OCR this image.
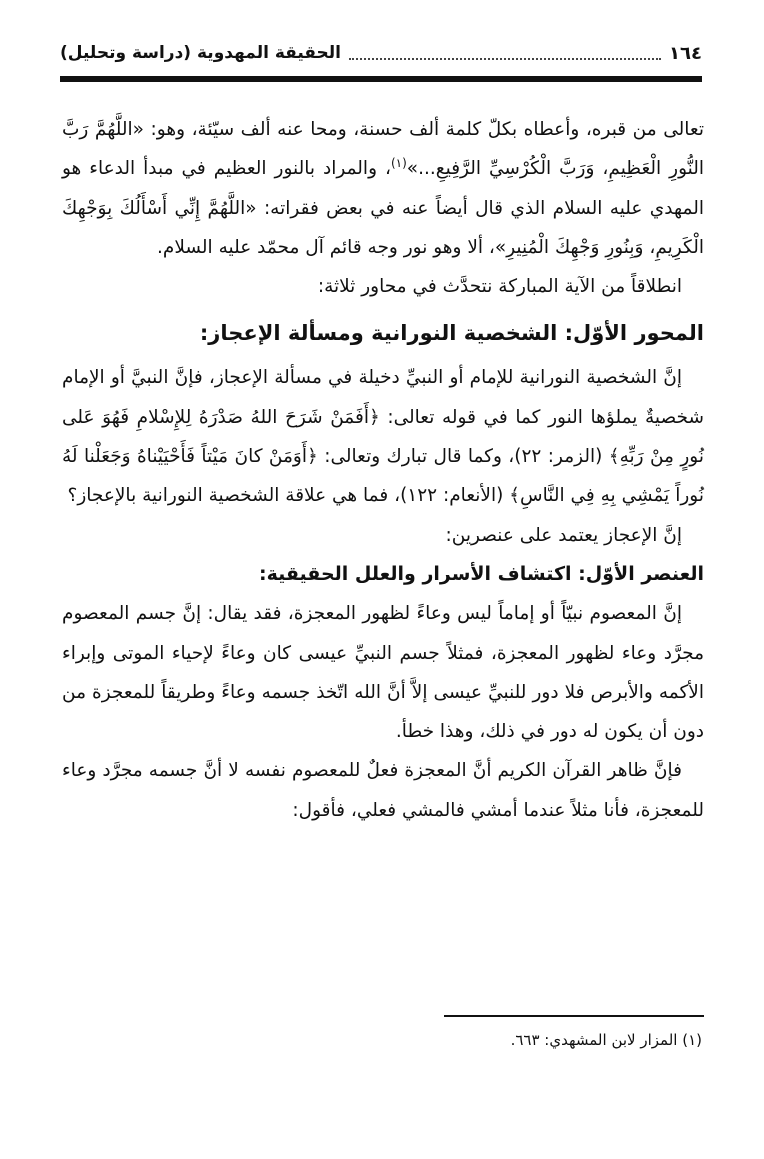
١٦٤
الحقيقة المهدوية (دراسة وتحليل)

تعالى من قبره، وأعطاه بكلّ كلمة ألف حسنة، ومحا عنه ألف سيّئة، وهو: «اللَّهُمَّ رَبَّ النُّورِ الْعَظِيمِ، وَرَبَّ الْكُرْسِيِّ الرَّفِيعِ...»$^{(١)}$، والمراد بالنور العظيم في مبدأ الدعاء هو المهدي عليه السلام الذي قال أيضاً عنه في بعض فقراته: «اللَّهُمَّ إِنِّي أَسْأَلُكَ بِوَجْهِكَ الْكَرِيمِ، وَبِنُورِ وَجْهِكَ الْمُنِيرِ»، ألا وهو نور وجه قائم آل محمّد عليه السلام.

انطلاقاً من الآية المباركة نتحدَّث في محاور ثلاثة:

المحور الأوّل: الشخصية النورانية ومسألة الإعجاز:

إنَّ الشخصية النورانية للإمام أو النبيِّ دخيلة في مسألة الإعجاز، فإنَّ النبيَّ أو الإمام شخصيةٌ يملؤها النور كما في قوله تعالى: ﴿أَفَمَنْ شَرَحَ اللهُ صَدْرَهُ لِلإِسْلامِ فَهُوَ عَلى نُورٍ مِنْ رَبِّهِ﴾ (الزمر: ٢٢)، وكما قال تبارك وتعالى: ﴿أَوَمَنْ كانَ مَيْتاً فَأَحْيَيْناهُ وَجَعَلْنا لَهُ نُوراً يَمْشِي بِهِ فِي النَّاسِ﴾ (الأنعام: ١٢٢)، فما هي علاقة الشخصية النورانية بالإعجاز؟

إنَّ الإعجاز يعتمد على عنصرين:

العنصر الأوّل: اكتشاف الأسرار والعلل الحقيقية:

إنَّ المعصوم نبيّاً أو إماماً ليس وعاءً لظهور المعجزة، فقد يقال: إنَّ جسم المعصوم مجرَّد وعاء لظهور المعجزة، فمثلاً جسم النبيِّ عيسى كان وعاءً لإحياء الموتى وإبراء الأكمه والأبرص فلا دور للنبيِّ عيسى إلاَّ أنَّ الله اتّخذ جسمه وعاءً وطريقاً للمعجزة من دون أن يكون له دور في ذلك، وهذا خطأ.

فإنَّ ظاهر القرآن الكريم أنَّ المعجزة فعلٌ للمعصوم نفسه لا أنَّ جسمه مجرَّد وعاء للمعجزة، فأنا مثلاً عندما أمشي فالمشي فعلي، فأقول:

(١) المزار لابن المشهدي: ٦٦٣.
